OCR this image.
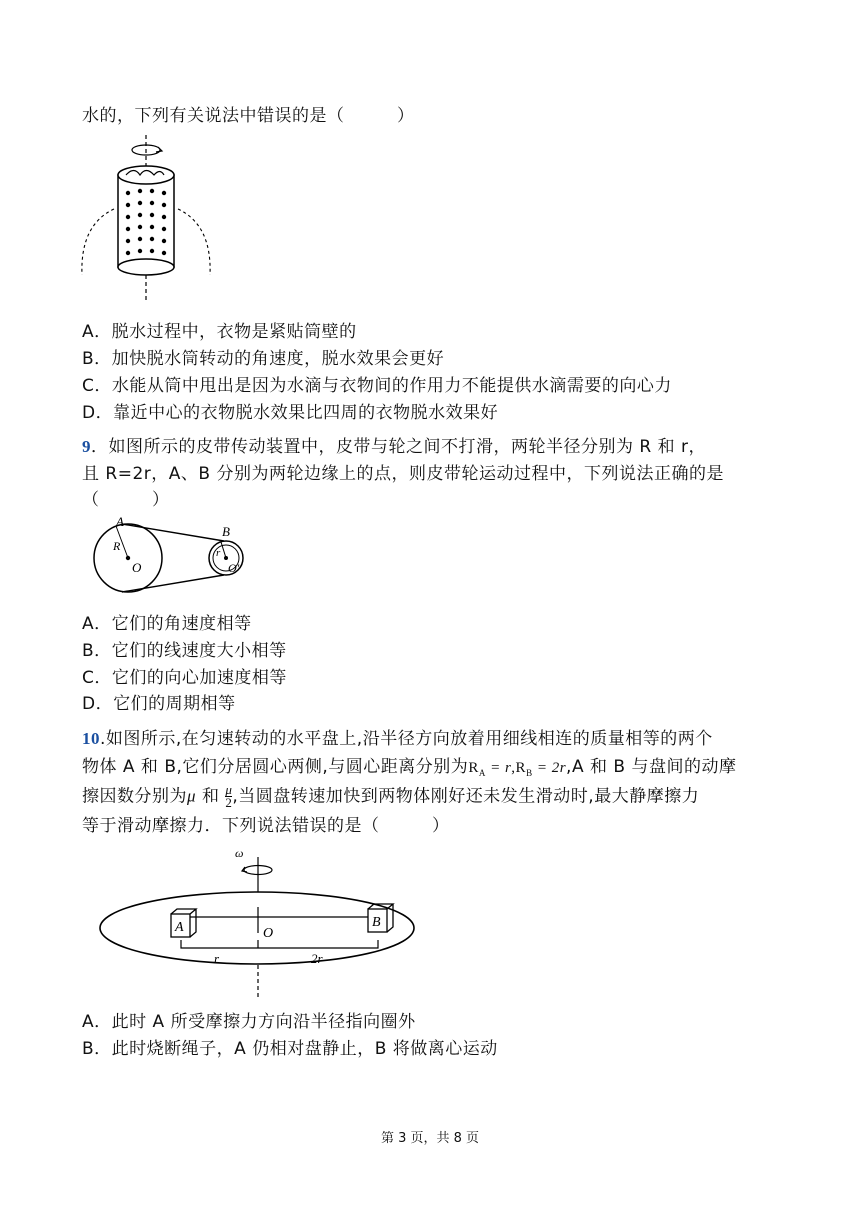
水的，下列有关说法中错误的是（　　　）
A．脱水过程中，衣物是紧贴筒壁的
B．加快脱水筒转动的角速度，脱水效果会更好
C．水能从筒中甩出是因为水滴与衣物间的作用力不能提供水滴需要的向心力
D．靠近中心的衣物脱水效果比四周的衣物脱水效果好
9．如图所示的皮带传动装置中，皮带与轮之间不打滑，两轮半径分别为 R 和 r，
且 R=2r，A、B 分别为两轮边缘上的点，则皮带轮运动过程中，下列说法正确的是
（　　　）
A
B
R	r
O	O'
A．它们的角速度相等
B．它们的线速度大小相等
C．它们的向心加速度相等
D．它们的周期相等
10.如图所示,在匀速转动的水平盘上,沿半径方向放着用细线相连的质量相等的两个
物体 A 和 B,它们分居圆心两侧,与圆心距离分别为$R_A = r,R_B = 2r,A$ 和 B 与盘间的动摩
擦因数分别为μ 和 $\frac{\mu}{2}$ ,当圆盘转速加快到两物体刚好还未发生滑动时,最大静摩擦力
等于滑动摩擦力．下列说法错误的是（　　　）
ω
A	B
O
r	2r
A．此时 A 所受摩擦力方向沿半径指向圈外
B．此时烧断绳子，A 仍相对盘静止，B 将做离心运动
第 3 页，共 8 页
